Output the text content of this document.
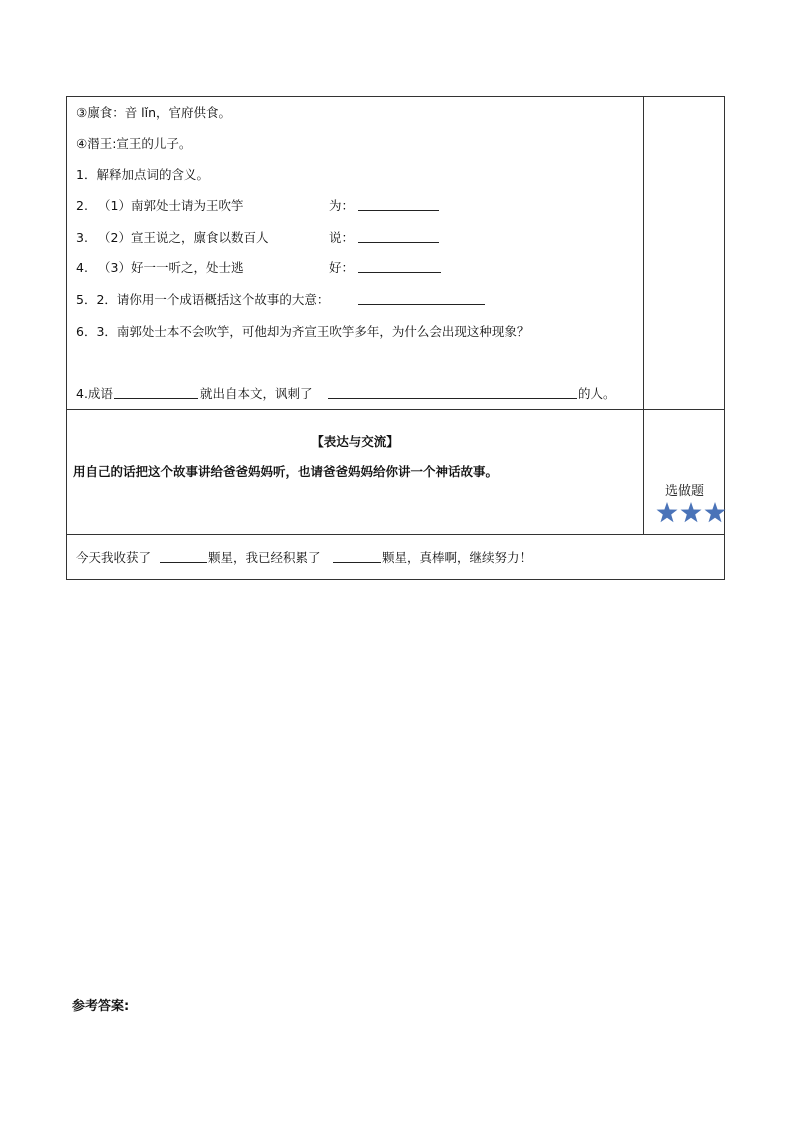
③廪食：音 lǐn，官府供食。
④湣王:宣王的儿子。
1．解释加点词的含义。
2. （1）南郭处士请为王吹竽	为：
3. （2）宣王说之，廪食以数百人	说：
4. （3）好一一听之，处士逃	好：
5．2．请你用一个成语概括这个故事的大意：
6．3．南郭处士本不会吹竽，可他却为齐宣王吹竽多年，为什么会出现这种现象？
4.成语	就出自本文，讽刺了	的人。
【表达与交流】
用自己的话把这个故事讲给爸爸妈妈听，也请爸爸妈妈给你讲一个神话故事。
选做题
今天我收获了	颗星，我已经积累了	颗星，真棒啊，继续努力！
参考答案:
